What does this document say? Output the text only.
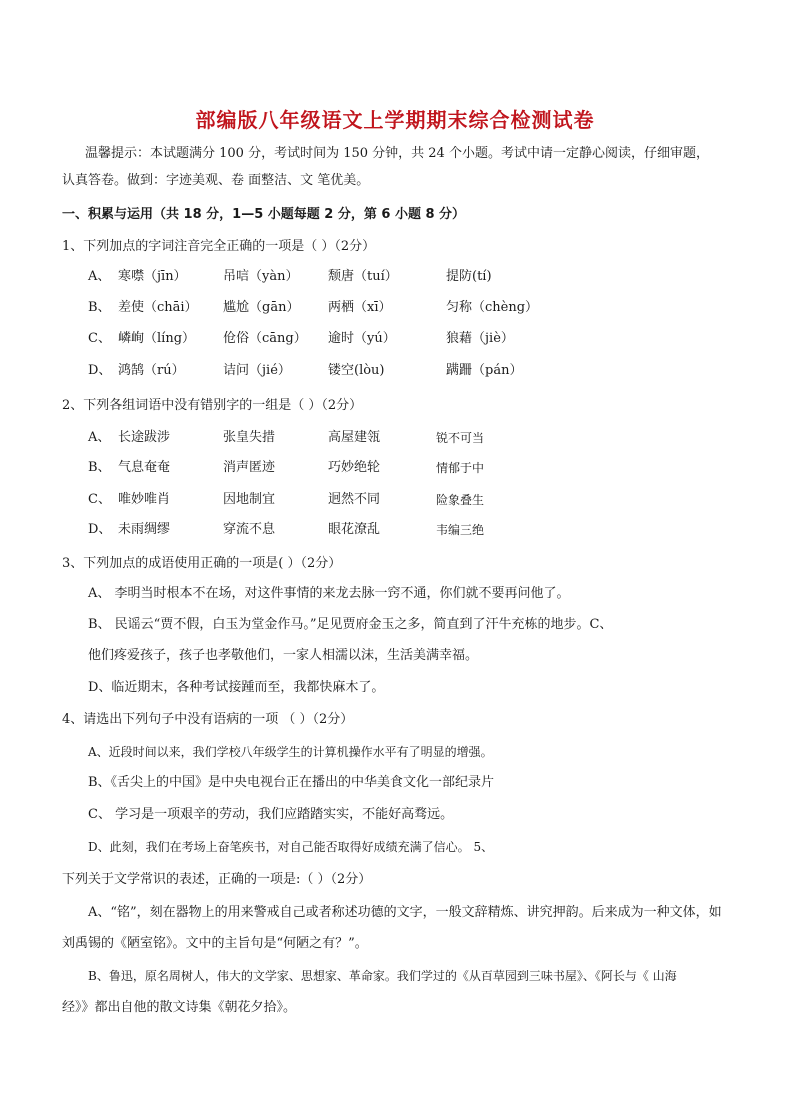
部编版八年级语文上学期期末综合检测试卷
温馨提示：本试题满分 100 分，考试时间为 150 分钟，共 24 个小题。考试中请一定静心阅读，仔细审题，
认真答卷。做到：字迹美观、卷 面整洁、文 笔优美。
一、积累与运用（共 18 分，1—5 小题每题 2 分，第 6 小题 8 分）
1、下列加点的字词注音完全正确的一项是（ ）（2分）
A、 寒噤（jīn）	吊唁（yàn） 颓唐（tuí）	提防(tí)
B、 差使（chāi） 尴尬（gān） 两栖（xī）	匀称（chèng）
C、 嶙峋（líng） 伧俗（cāng） 逾时（yú）	狼藉（jiè）
D、 鸿鹄（rú）	诘问（jié）	镂空(lòu)	蹒跚（pán）
2、下列各组词语中没有错别字的一组是（ ）（2分）
A、 长途跋涉	张皇失措	高屋建瓴	锐不可当
B、 气息奄奄	消声匿迹	巧妙绝轮	情郁于中
C、 唯妙唯肖	因地制宜	迥然不同	险象叠生
D、 未雨绸缪	穿流不息	眼花潦乱	韦编三绝
3、下列加点的成语使用正确的一项是( ）（2分）
A、 李明当时根本不在场，对这件事情的来龙去脉一窍不通，你们就不要再问他了。
B、 民谣云“贾不假，白玉为堂金作马。”足见贾府金玉之多，简直到了汗牛充栋的地步。C、
他们疼爱孩子，孩子也孝敬他们，一家人相濡以沫，生活美满幸福。
D、临近期末，各种考试接踵而至，我都快麻木了。
4、请选出下列句子中没有语病的一项 （ ）（2分）
A、近段时间以来，我们学校八年级学生的计算机操作水平有了明显的增强。
B、《舌尖上的中国》是中央电视台正在播出的中华美食文化一部纪录片
C、 学习是一项艰辛的劳动，我们应踏踏实实，不能好高骛远。
D、此刻，我们在考场上奋笔疾书，对自己能否取得好成绩充满了信心。 5、
下列关于文学常识的表述，正确的一项是:（ ）（2分）
A、“铭”，刻在器物上的用来警戒自己或者称述功德的文字，一般文辞精炼、讲究押韵。后来成为一种文体，如
刘禹锡的《陋室铭》。文中的主旨句是“何陋之有？”。
B、鲁迅，原名周树人，伟大的文学家、思想家、革命家。我们学过的《从百草园到三味书屋》、《阿长与《 山海
经》》都出自他的散文诗集《朝花夕拾》。
